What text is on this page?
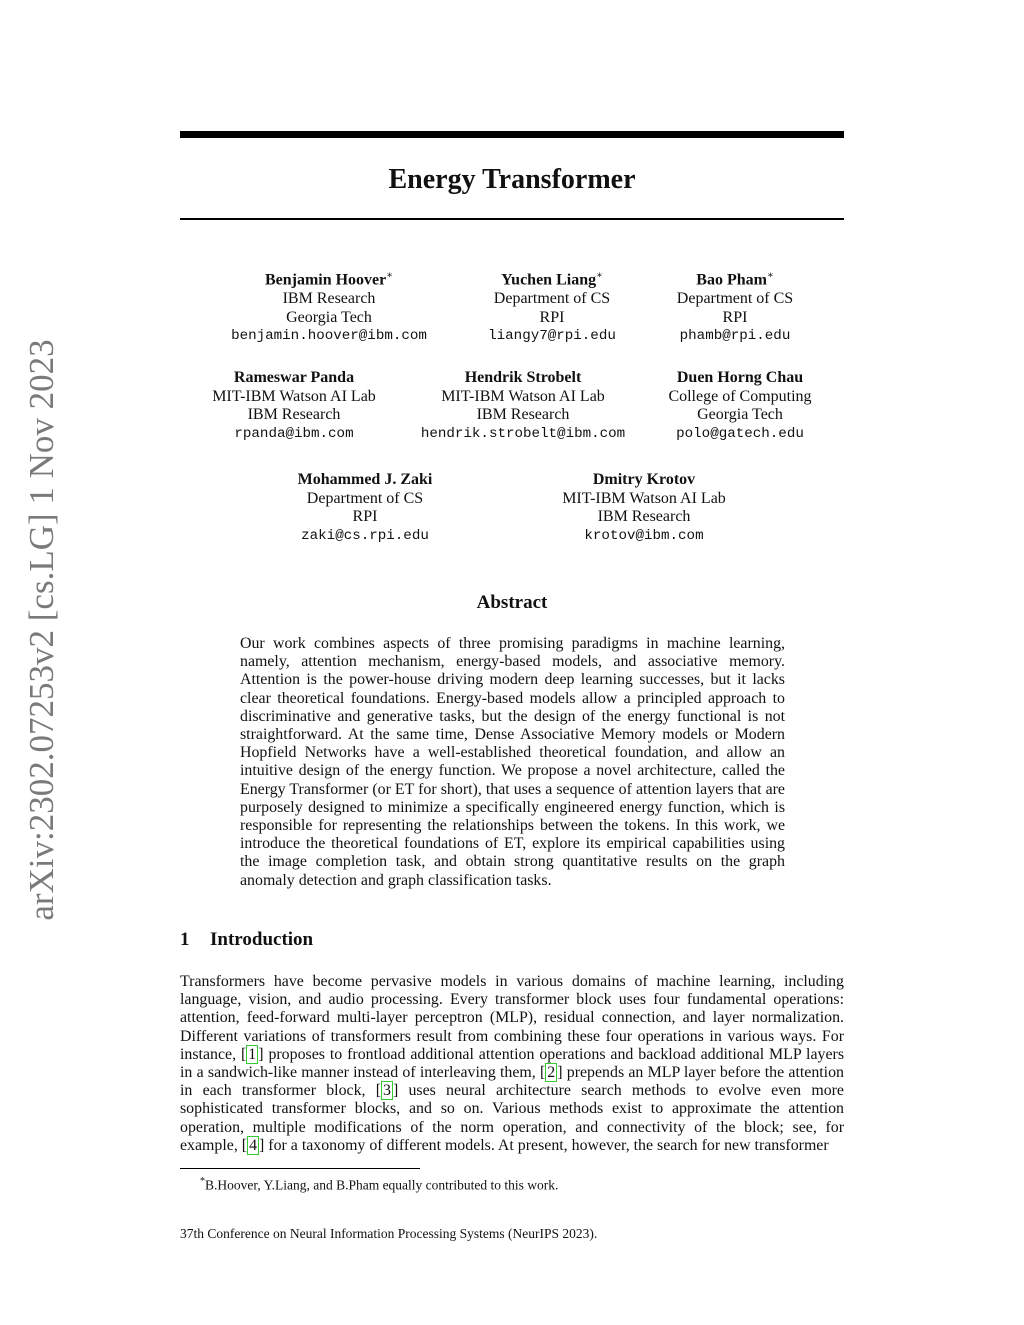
arXiv:2302.07253v2 [cs.LG] 1 Nov 2023
Energy Transformer
Benjamin Hoover∗
IBM Research
Georgia Tech
benjamin.hoover@ibm.com
Yuchen Liang∗
Department of CS
RPI
liangy7@rpi.edu
Bao Pham∗
Department of CS
RPI
phamb@rpi.edu
Rameswar Panda
MIT-IBM Watson AI Lab
IBM Research
rpanda@ibm.com
Hendrik Strobelt
MIT-IBM Watson AI Lab
IBM Research
hendrik.strobelt@ibm.com
Duen Horng Chau
College of Computing
Georgia Tech
polo@gatech.edu
Mohammed J. Zaki
Department of CS
RPI
zaki@cs.rpi.edu
Dmitry Krotov
MIT-IBM Watson AI Lab
IBM Research
krotov@ibm.com
Abstract

Our work combines aspects of three promising paradigms in machine learning, namely, attention mechanism, energy-based models, and associative memory. Attention is the power-house driving modern deep learning successes, but it lacks clear theoretical foundations. Energy-based models allow a principled approach to discriminative and generative tasks, but the design of the energy functional is not straightforward. At the same time, Dense Associative Memory models or Modern Hopfield Networks have a well-established theoretical foundation, and allow an intuitive design of the energy function. We propose a novel architecture, called the Energy Transformer (or ET for short), that uses a sequence of attention layers that are purposely designed to minimize a specifically engineered energy function, which is responsible for representing the relationships between the tokens. In this work, we introduce the theoretical foundations of ET, explore its empirical capabilities using the image completion task, and obtain strong quantitative results on the graph anomaly detection and graph classification tasks.

1 Introduction

Transformers have become pervasive models in various domains of machine learning, including language, vision, and audio processing. Every transformer block uses four fundamental operations: attention, feed-forward multi-layer perceptron (MLP), residual connection, and layer normalization. Different variations of transformers result from combining these four operations in various ways. For instance, [ 1 ] proposes to frontload additional attention operations and backload additional MLP layers in a sandwich-like manner instead of interleaving them, [ 2 ] prepends an MLP layer before the attention in each transformer block, [ 3 ] uses neural architecture search methods to evolve even more sophisticated transformer blocks, and so on. Various methods exist to approximate the attention operation, multiple modifications of the norm operation, and connectivity of the block; see, for example, [ 4 ] for a taxonomy of different models. At present, however, the search for new transformer

*B.Hoover, Y.Liang, and B.Pham equally contributed to this work.

37th Conference on Neural Information Processing Systems (NeurIPS 2023).
